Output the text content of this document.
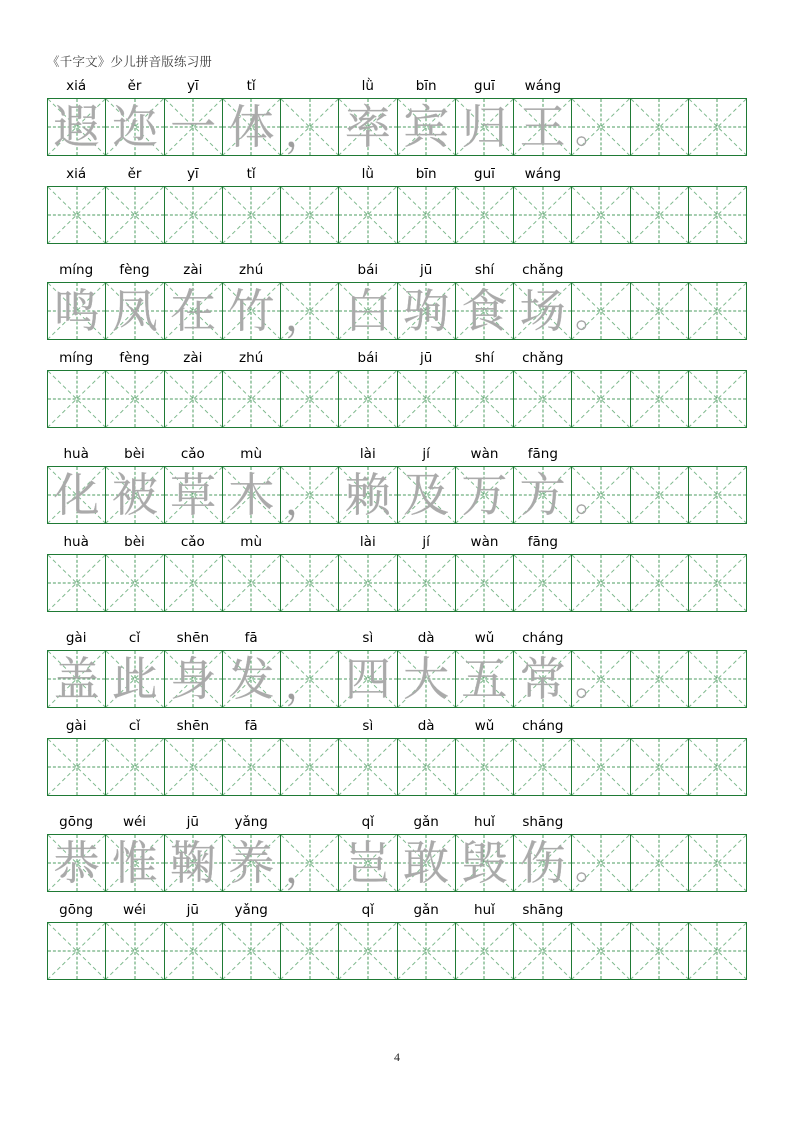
《千字文》少儿拼音版练习册
xiá	ěr	yī	tǐ	lǜ	bīn	guī	wáng
遐 迩 一 体 ， 率 宾 归 王 。
xiá	ěr	yī	tǐ	lǜ	bīn	guī	wáng
míng	fèng	zài	zhú	bái	jū	shí	chǎng
鸣 凤 在 竹 ， 白 驹 食 场 。
míng	fèng	zài	zhú	bái	jū	shí	chǎng
huà	bèi	cǎo	mù	lài	jí	wàn	fāng
化 被 草 木 ， 赖 及 万 方 。
huà	bèi	cǎo	mù	lài	jí	wàn	fāng
gài	cǐ	shēn	fā	sì	dà	wǔ	cháng
盖 此 身 发 ， 四 大 五 常 。
gài	cǐ	shēn	fā	sì	dà	wǔ	cháng
gōng	wéi	jū	yǎng	qǐ	gǎn	huǐ	shāng
恭 惟 鞠 养 ， 岂 敢 毁 伤 。
gōng	wéi	jū	yǎng	qǐ	gǎn	huǐ	shāng
4
